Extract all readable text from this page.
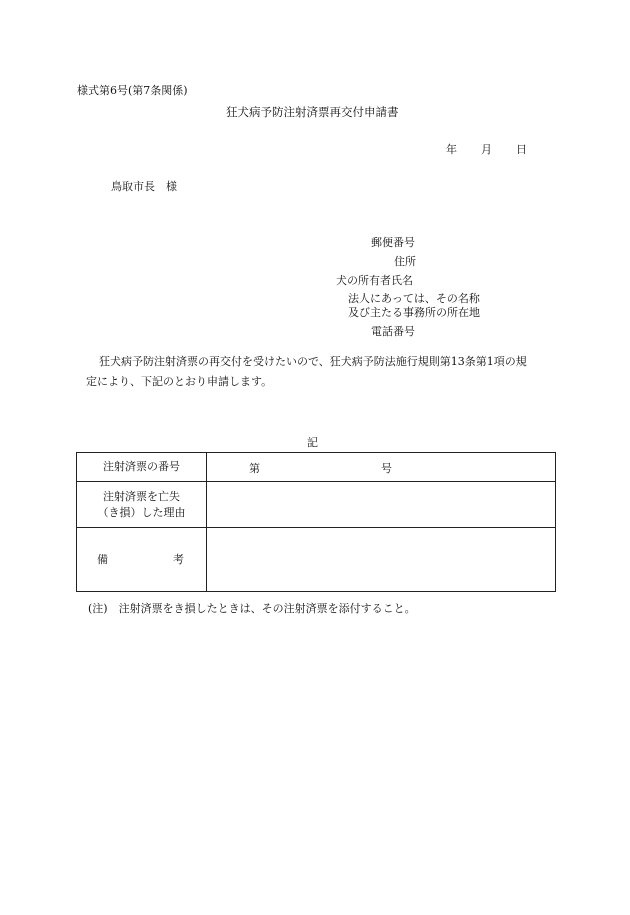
様式第6号(第7条関係)
狂犬病予防注射済票再交付申請書
年 月 日
鳥取市長　様
郵便番号
住所
犬の所有者氏名
法人にあっては、その名称
及び主たる事務所の所在地
電話番号

狂犬病予防注射済票の再交付を受けたいので、狂犬病予防法施行規則第13条第1項の規

定により、下記のとおり申請します。
記
注射済票の番号	第 号

注射済票を亡失
（き損）した理由	

備 考	

(注)　注射済票をき損したときは、その注射済票を添付すること。
